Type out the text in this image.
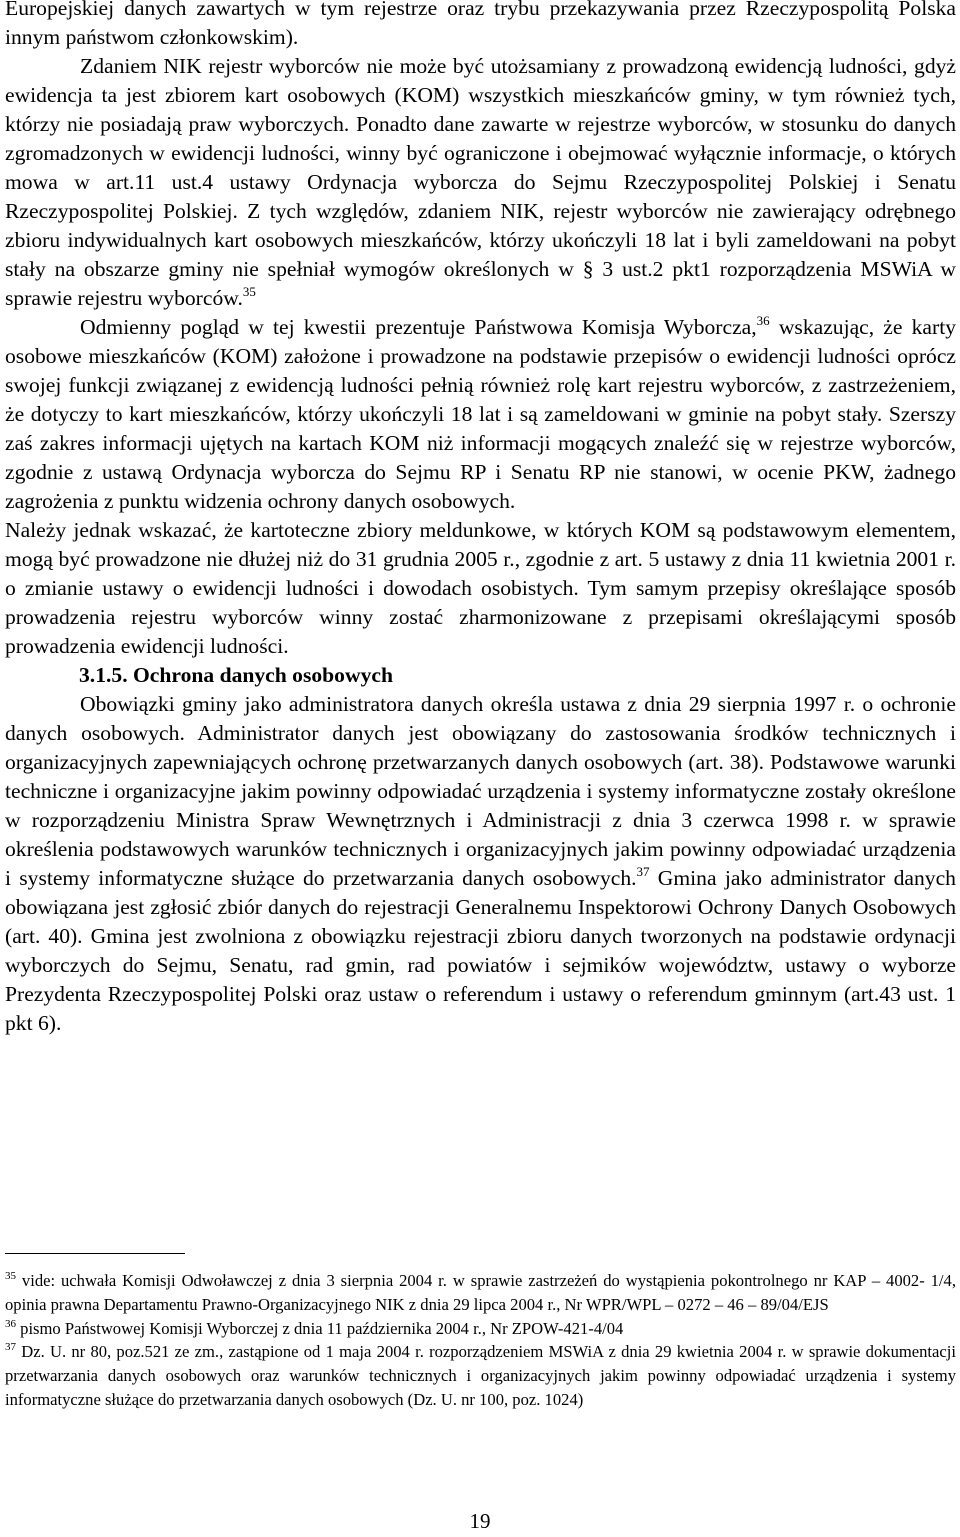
Europejskiej danych zawartych w tym rejestrze oraz trybu przekazywania przez Rzeczypospolitą Polska innym państwom członkowskim).

Zdaniem NIK rejestr wyborców nie może być utożsamiany z prowadzoną ewidencją ludności, gdyż ewidencja ta jest zbiorem kart osobowych (KOM) wszystkich mieszkańców gminy, w tym również tych, którzy nie posiadają praw wyborczych. Ponadto dane zawarte w rejestrze wyborców, w stosunku do danych zgromadzonych w ewidencji ludności, winny być ograniczone i obejmować wyłącznie informacje, o których mowa w art.11 ust.4 ustawy Ordynacja wyborcza do Sejmu Rzeczypospolitej Polskiej i Senatu Rzeczypospolitej Polskiej. Z tych względów, zdaniem NIK, rejestr wyborców nie zawierający odrębnego zbioru indywidualnych kart osobowych mieszkańców, którzy ukończyli 18 lat i byli zameldowani na pobyt stały na obszarze gminy nie spełniał wymogów określonych w § 3 ust.2 pkt1 rozporządzenia MSWiA w sprawie rejestru wyborców.$^{35}$

Odmienny pogląd w tej kwestii prezentuje Państwowa Komisja Wyborcza,$^{36}$ wskazując, że karty osobowe mieszkańców (KOM) założone i prowadzone na podstawie przepisów o ewidencji ludności oprócz swojej funkcji związanej z ewidencją ludności pełnią również rolę kart rejestru wyborców, z zastrzeżeniem, że dotyczy to kart mieszkańców, którzy ukończyli 18 lat i są zameldowani w gminie na pobyt stały. Szerszy zaś zakres informacji ujętych na kartach KOM niż informacji mogących znaleźć się w rejestrze wyborców, zgodnie z ustawą Ordynacja wyborcza do Sejmu RP i Senatu RP nie stanowi, w ocenie PKW, żadnego zagrożenia z punktu widzenia ochrony danych osobowych.

Należy jednak wskazać, że kartoteczne zbiory meldunkowe, w których KOM są podstawowym elementem, mogą być prowadzone nie dłużej niż do 31 grudnia 2005 r., zgodnie z art. 5 ustawy z dnia 11 kwietnia 2001 r. o zmianie ustawy o ewidencji ludności i dowodach osobistych. Tym samym przepisy określające sposób prowadzenia rejestru wyborców winny zostać zharmonizowane z przepisami określającymi sposób prowadzenia ewidencji ludności.

3.1.5. Ochrona danych osobowych

Obowiązki gminy jako administratora danych określa ustawa z dnia 29 sierpnia 1997 r. o ochronie danych osobowych. Administrator danych jest obowiązany do zastosowania środków technicznych i organizacyjnych zapewniających ochronę przetwarzanych danych osobowych (art. 38). Podstawowe warunki techniczne i organizacyjne jakim powinny odpowiadać urządzenia i systemy informatyczne zostały określone w rozporządzeniu Ministra Spraw Wewnętrznych i Administracji z dnia 3 czerwca 1998 r. w sprawie określenia podstawowych warunków technicznych i organizacyjnych jakim powinny odpowiadać urządzenia i systemy informatyczne służące do przetwarzania danych osobowych.$^{37}$ Gmina jako administrator danych obowiązana jest zgłosić zbiór danych do rejestracji Generalnemu Inspektorowi Ochrony Danych Osobowych (art. 40). Gmina jest zwolniona z obowiązku rejestracji zbioru danych tworzonych na podstawie ordynacji wyborczych do Sejmu, Senatu, rad gmin, rad powiatów i sejmików województw, ustawy o wyborze Prezydenta Rzeczypospolitej Polski oraz ustaw o referendum i ustawy o referendum gminnym (art.43 ust. 1 pkt 6).

$^{35}$ vide: uchwała Komisji Odwoławczej z dnia 3 sierpnia 2004 r. w sprawie zastrzeżeń do wystąpienia pokontrolnego nr KAP – 4002- 1/4, opinia prawna Departamentu Prawno-Organizacyjnego NIK z dnia 29 lipca 2004 r., Nr WPR/WPL – 0272 – 46 – 89/04/EJS

$^{36}$ pismo Państwowej Komisji Wyborczej z dnia 11 października 2004 r., Nr ZPOW-421-4/04

$^{37}$ Dz. U. nr 80, poz.521 ze zm., zastąpione od 1 maja 2004 r. rozporządzeniem MSWiA z dnia 29 kwietnia 2004 r. w sprawie dokumentacji przetwarzania danych osobowych oraz warunków technicznych i organizacyjnych jakim powinny odpowiadać urządzenia i systemy informatyczne służące do przetwarzania danych osobowych (Dz. U. nr 100, poz. 1024)

19
